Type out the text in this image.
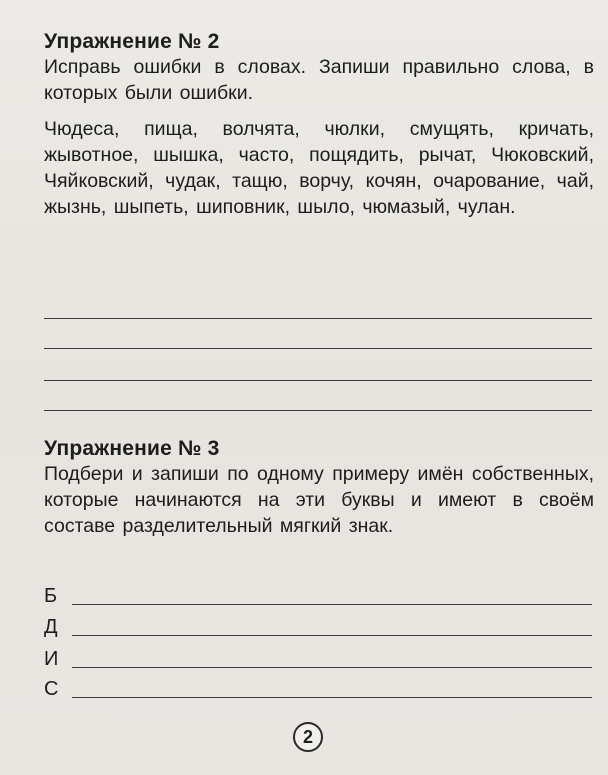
Упражнение № 2

Исправь ошибки в словах. Запиши правильно слова, в которых были ошибки.

Чюдеса, пища, волчята, чюлки, смущять, кричать, жывотное, шышка, часто, пощядить, рычат, Чюковский, Чяйковский, чудак, тащю, ворчу, кочян, очарование, чай, жызнь, шыпеть, шиповник, шыло, чюмазый, чулан.

Упражнение № 3

Подбери и запиши по одному примеру имён собственных, которые начинаются на эти буквы и имеют в своём составе разделительный мягкий знак.

Б
Д
И
С
2
